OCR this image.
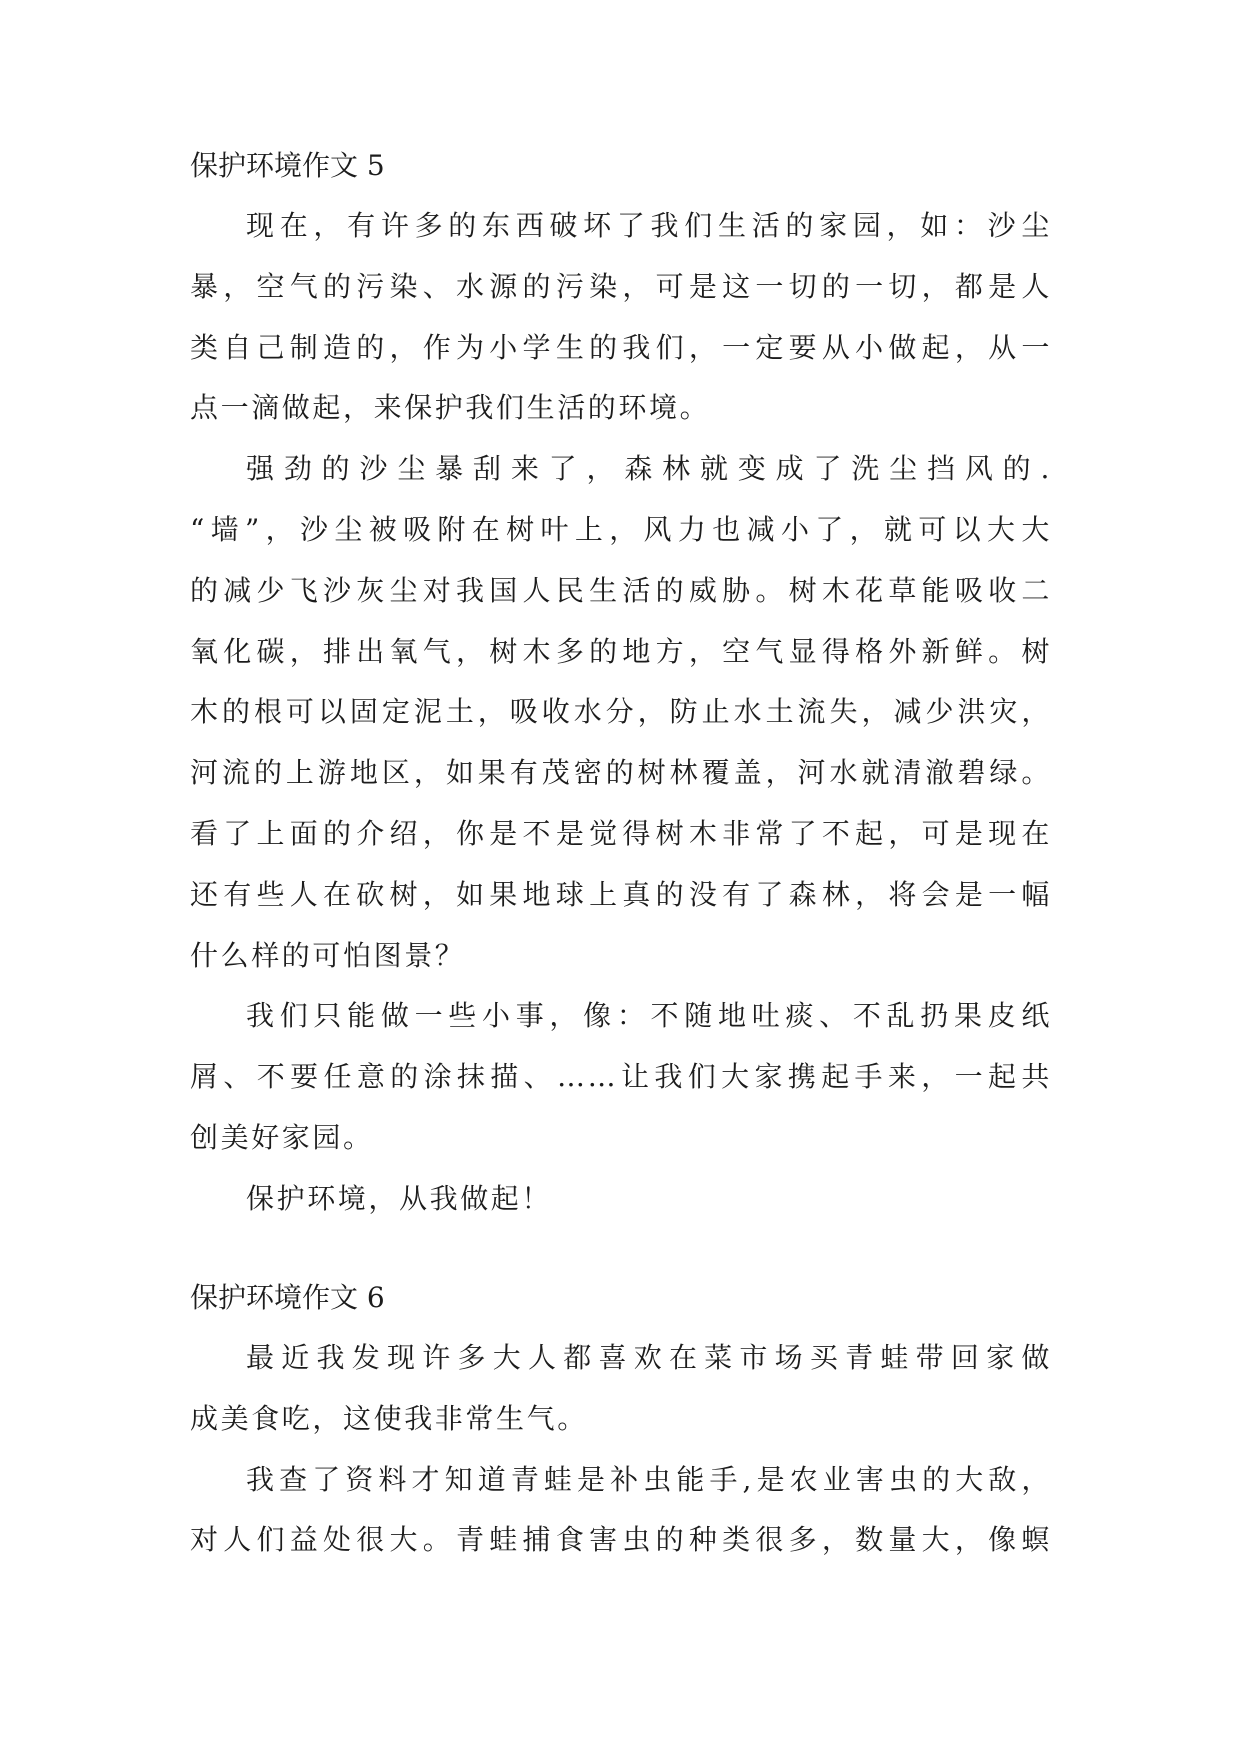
保护环境作文 5

现在，有许多的东西破坏了我们生活的家园，如：沙尘
暴，空气的污染、水源的污染，可是这一切的一切，都是人
类自己制造的，作为小学生的我们，一定要从小做起，从一
点一滴做起，来保护我们生活的环境。

强劲的沙尘暴刮来了，森林就变成了洗尘挡风的.
“墙”，沙尘被吸附在树叶上，风力也减小了，就可以大大
的减少飞沙灰尘对我国人民生活的威胁。树木花草能吸收二
氧化碳，排出氧气，树木多的地方，空气显得格外新鲜。树
木的根可以固定泥土，吸收水分，防止水土流失，减少洪灾，
河流的上游地区，如果有茂密的树林覆盖，河水就清澈碧绿。
看了上面的介绍，你是不是觉得树木非常了不起，可是现在
还有些人在砍树，如果地球上真的没有了森林，将会是一幅
什么样的可怕图景？

我们只能做一些小事，像：不随地吐痰、不乱扔果皮纸
屑、不要任意的涂抹描、……让我们大家携起手来，一起共
创美好家园。

保护环境，从我做起！

保护环境作文 6

最近我发现许多大人都喜欢在菜市场买青蛙带回家做
成美食吃，这使我非常生气。

我查了资料才知道青蛙是补虫能手,是农业害虫的大敌，
对人们益处很大。青蛙捕食害虫的种类很多，数量大，像螟
